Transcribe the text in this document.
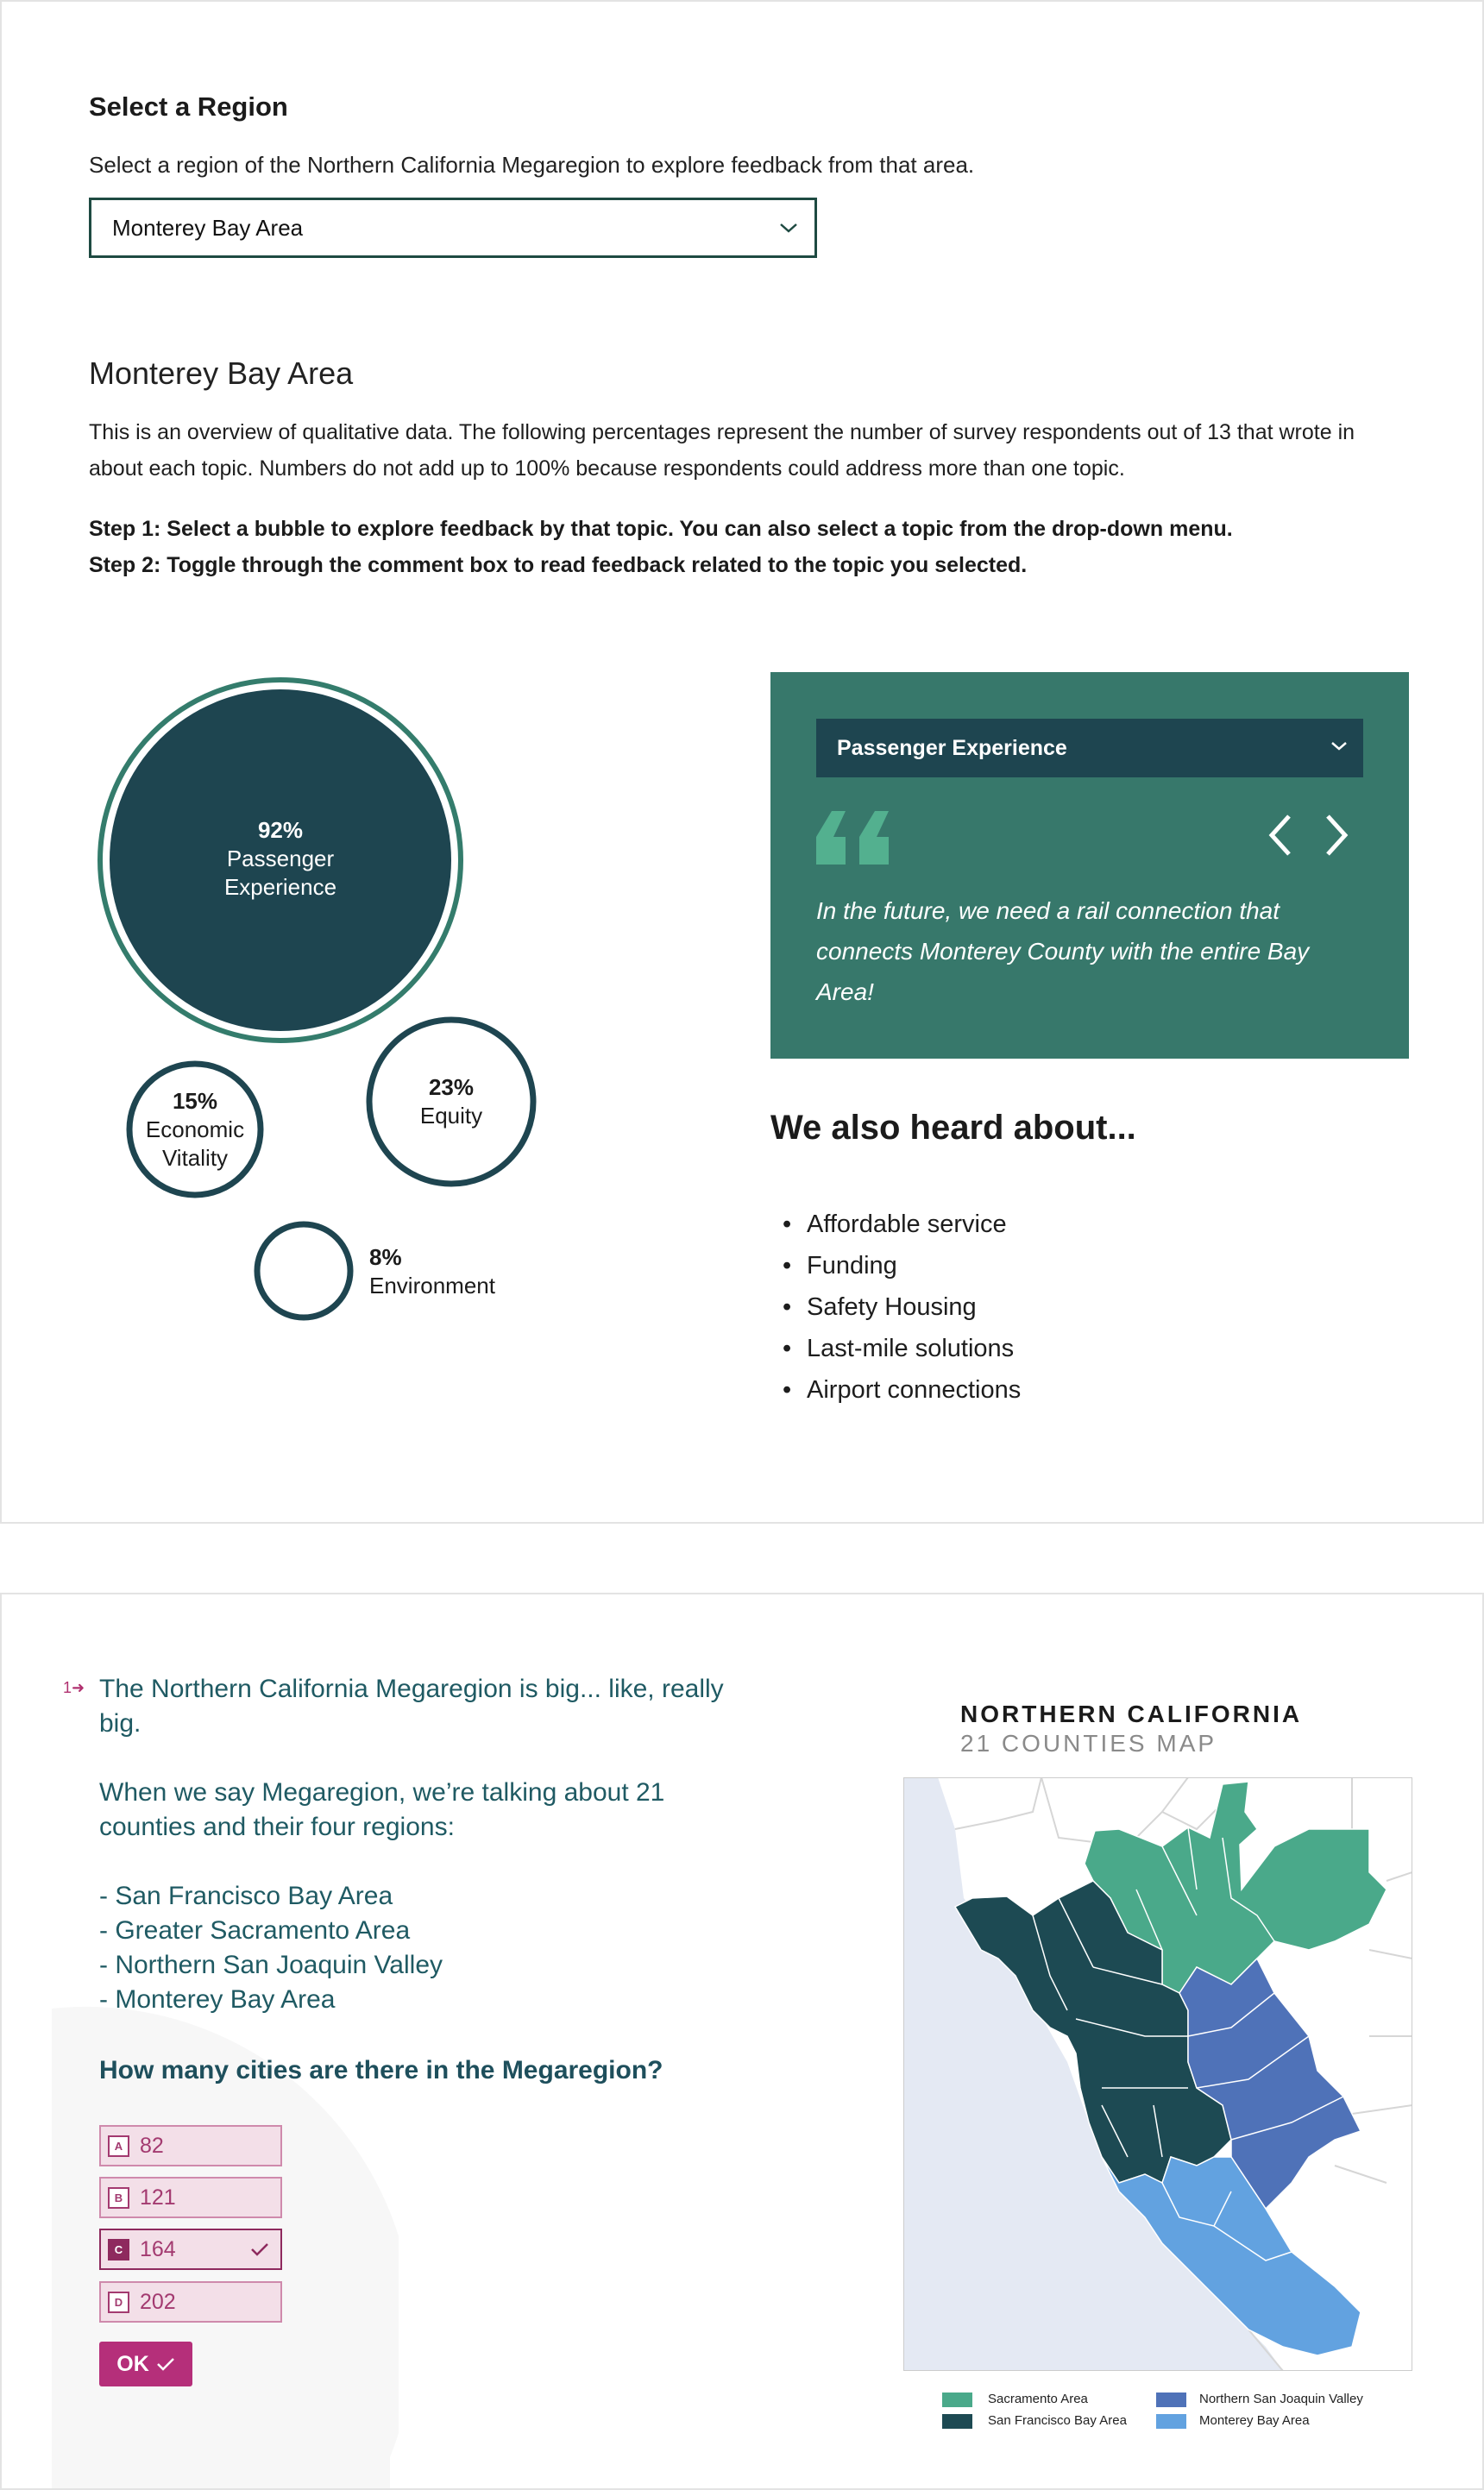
Select a Region
Select a region of the Northern California Megaregion to explore feedback from that area.
Monterey Bay Area
Monterey Bay Area
This is an overview of qualitative data. The following percentages represent the number of survey respondents out of 13 that wrote in about each topic. Numbers do not add up to 100% because respondents could address more than one topic.
Step 1: Select a bubble to explore feedback by that topic. You can also select a topic from the drop-down menu.
Step 2: Toggle through the comment box to read feedback related to the topic you selected.
92%
Passenger
Experience
15%
Economic
Vitality
23%
Equity
8%
Environment
Passenger Experience
In the future, we need a rail connection that connects Monterey County with the entire Bay Area!
We also heard about...
• Affordable service
• Funding
• Safety Housing
• Last-mile solutions
• Airport connections
1➜ The Northern California Megaregion is big... like, really big.
When we say Megaregion, we’re talking about 21 counties and their four regions:
- San Francisco Bay Area
- Greater Sacramento Area
- Northern San Joaquin Valley
- Monterey Bay Area
How many cities are there in the Megaregion?
A 82
B 121
C 164
D 202
OK
NORTHERN CALIFORNIA
21 COUNTIES MAP
Sacramento Area	Northern San Joaquin Valley
San Francisco Bay Area	Monterey Bay Area
